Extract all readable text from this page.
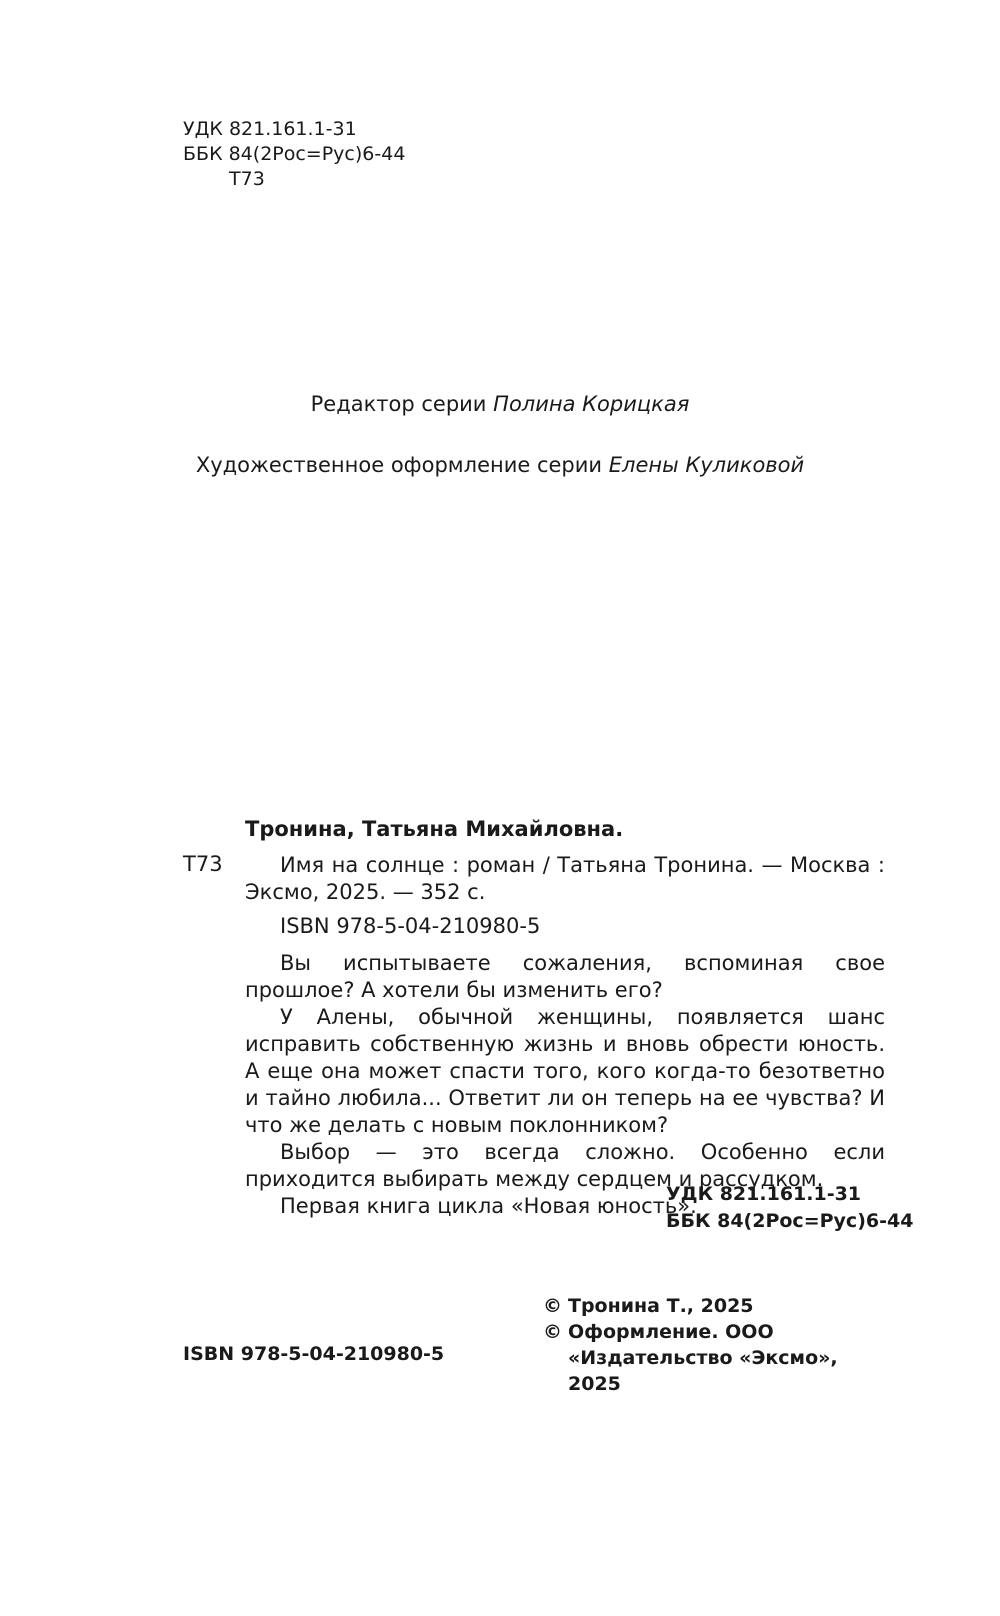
УДК 821.161.1-31
ББК 84(2Рос=Рус)6-44
Т73
Редактор серии Полина Корицкая
Художественное оформление серии Елены Куликовой
Тронина, Татьяна Михайловна.
Т73	Имя на солнце : роман / Татьяна Тронина. — Москва : Эксмо, 2025. — 352 с.

ISBN 978-5-04-210980-5

Вы испытываете сожаления, вспоминая свое прошлое? А хотели бы изменить его?

У Алены, обычной женщины, появляется шанс исправить собственную жизнь и вновь обрести юность. А еще она может спасти того, кого когда-то безответно и тайно любила... Ответит ли он теперь на ее чувства? И что же делать с новым поклонником?

Выбор — это всегда сложно. Особенно если приходится выбирать между сердцем и рассудком.

Первая книга цикла «Новая юность».

УДК 821.161.1-31
ББК 84(2Рос=Рус)6-44
ISBN 978-5-04-210980-5
© Тронина Т., 2025
© Оформление. ООО «Издательство «Эксмо», 2025
